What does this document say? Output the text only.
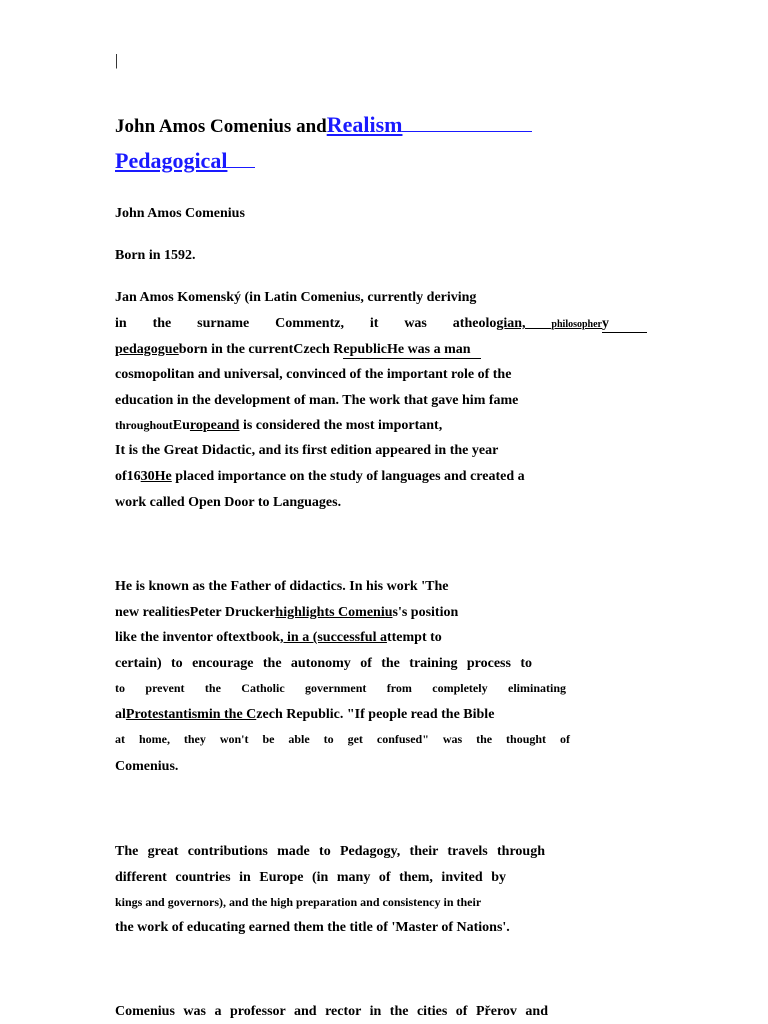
|
John Amos Comenius andRealism
Pedagogical
John Amos Comenius
Born in 1592.
Jan Amos Komenský (in Latin Comenius, currently deriving
in the surname Commentz, it was atheologian, philosophery
pedagogueborn in the currentCzech RepublicHe was a man
cosmopolitan and universal, convinced of the important role of the
education in the development of man. The work that gave him fame
throughoutEuropeand is considered the most important,
It is the Great Didactic, and its first edition appeared in the year
of1630He placed importance on the study of languages and created a
work called Open Door to Languages.
He is known as the Father of didactics. In his work 'The
new realitiesPeter Druckerhighlights Comenius's position
like the inventor oftextbook, in a (successful attempt to
certain) to encourage the autonomy of the training process to
to prevent the Catholic government from completely eliminating
alProtestantismin the Czech Republic. "If people read the Bible
at home, they won't be able to get confused" was the thought of
Comenius.
The great contributions made to Pedagogy, their travels through
different countries in Europe (in many of them, invited by
kings and governors), and the high preparation and consistency in their
the work of educating earned them the title of 'Master of Nations'.
Comenius was a professor and rector in the cities of Přerov and
